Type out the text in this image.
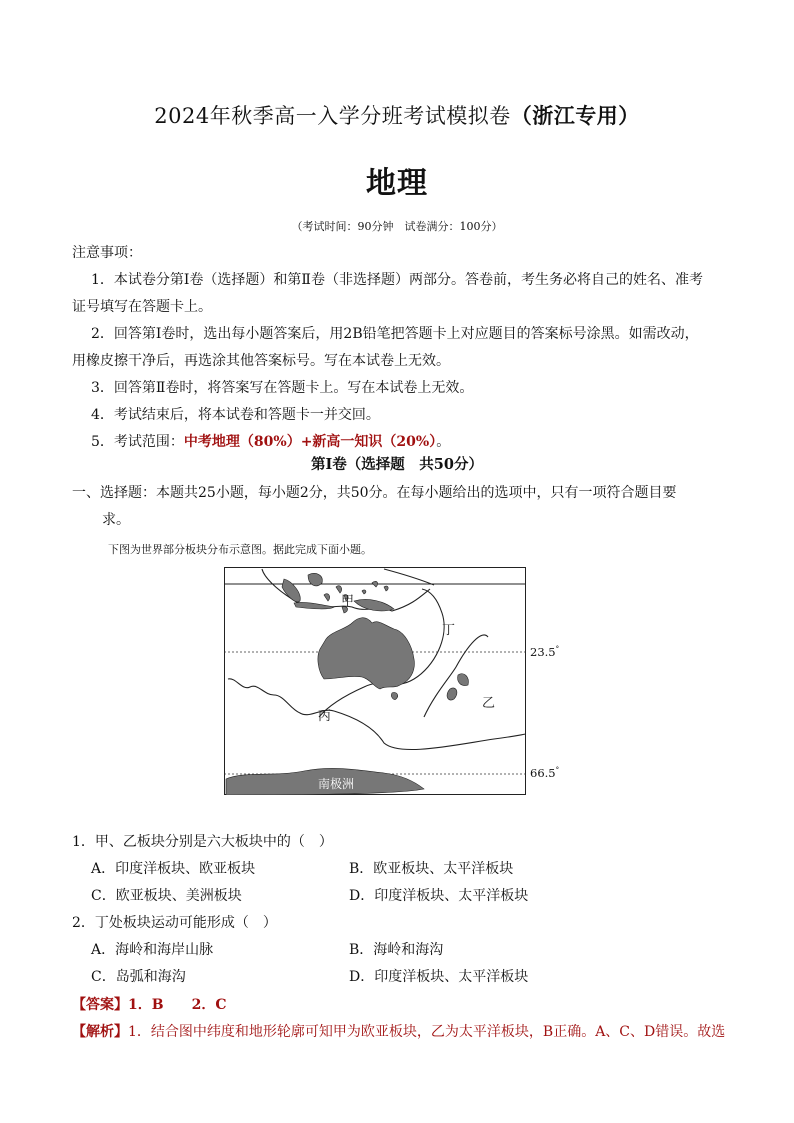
2024年秋季高一入学分班考试模拟卷（浙江专用）
地理
（考试时间：90分钟　试卷满分：100分）
注意事项：
1．本试卷分第Ⅰ卷（选择题）和第Ⅱ卷（非选择题）两部分。答卷前，考生务必将自己的姓名、准考
证号填写在答题卡上。
2．回答第Ⅰ卷时，选出每小题答案后，用2B铅笔把答题卡上对应题目的答案标号涂黑。如需改动，
用橡皮擦干净后，再选涂其他答案标号。写在本试卷上无效。
3．回答第Ⅱ卷时，将答案写在答题卡上。写在本试卷上无效。
4．考试结束后，将本试卷和答题卡一并交回。
5．考试范围：中考地理（80%）+新高一知识（20%）。
第Ⅰ卷（选择题　共50分）
一、选择题：本题共25小题，每小题2分，共50分。在每小题给出的选项中，只有一项符合题目要
求。
下图为世界部分板块分布示意图。据此完成下面小题。
甲
丁
乙
丙
南极洲
23.5°
66.5°
1．甲、乙板块分别是六大板块中的（　）
A．印度洋板块、欧亚板块	B．欧亚板块、太平洋板块
C．欧亚板块、美洲板块	D．印度洋板块、太平洋板块
2．丁处板块运动可能形成（　）
A．海岭和海岸山脉	B．海岭和海沟
C．岛弧和海沟	D．印度洋板块、太平洋板块
【答案】1．B　　2．C
【解析】1．结合图中纬度和地形轮廓可知甲为欧亚板块，乙为太平洋板块，B正确。A、C、D错误。故选
